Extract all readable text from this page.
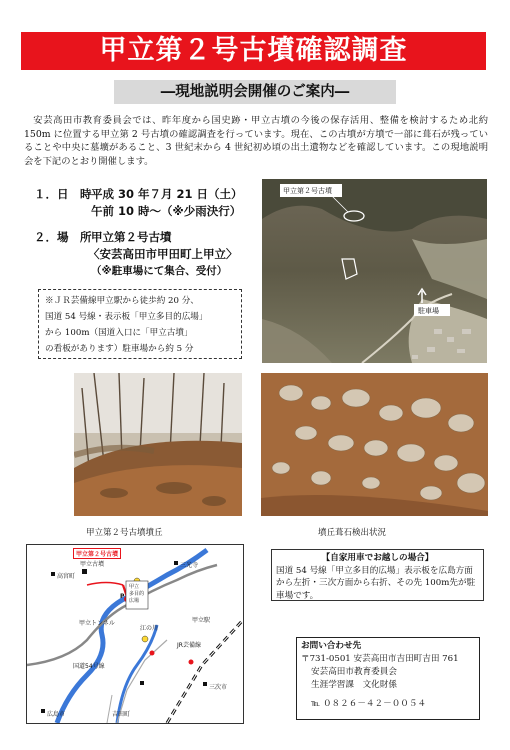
甲立第２号古墳確認調査
―現地説明会開催のご案内―
安芸高田市教育委員会では、昨年度から国史跡・甲立古墳の今後の保存活用、整備を検討するため北約 150m に位置する甲立第 2 号古墳の確認調査を行っています。現在、この古墳が方墳で一部に葺石が残っていることや中央に墓壙があること、3 世紀末から 4 世紀初め頃の出土遺物などを確認しています。この現地説明会を下記のとおり開催します。
１．日　時 平成 30 年７月 21 日（土）
午前 10 時～（※少雨決行）
２．場　所 甲立第２号古墳
〈安芸高田市甲田町上甲立〉
（※駐車場にて集合、受付）
※ＪＲ芸備線甲立駅から徒歩約 20 分、
国道 54 号線・表示板「甲立多目的広場」
から 100m（国道入口に「甲立古墳」
の看板があります）駐車場から約 5 分
甲立第２号古墳
駐車場
甲立第２号古墳墳丘	墳丘葺石検出状況
甲立第２号古墳
甲立古墳	三光寺
高宮町
甲立
多目的
広場
P
甲立駅
甲立トンネル
江の川
JR芸備線
国道54号線
三次市
吉田町
広島市
【自家用車でお越しの場合】
国道 54 号線「甲立多目的広場」表示板を広島方面から左折・三次方面から右折、その先 100m先が駐車場です。
お問い合わせ先
〒731-0501 安芸高田市吉田町吉田 761
安芸高田市教育委員会
生涯学習課　文化財係
℡ ０８２６－４２－００５４
